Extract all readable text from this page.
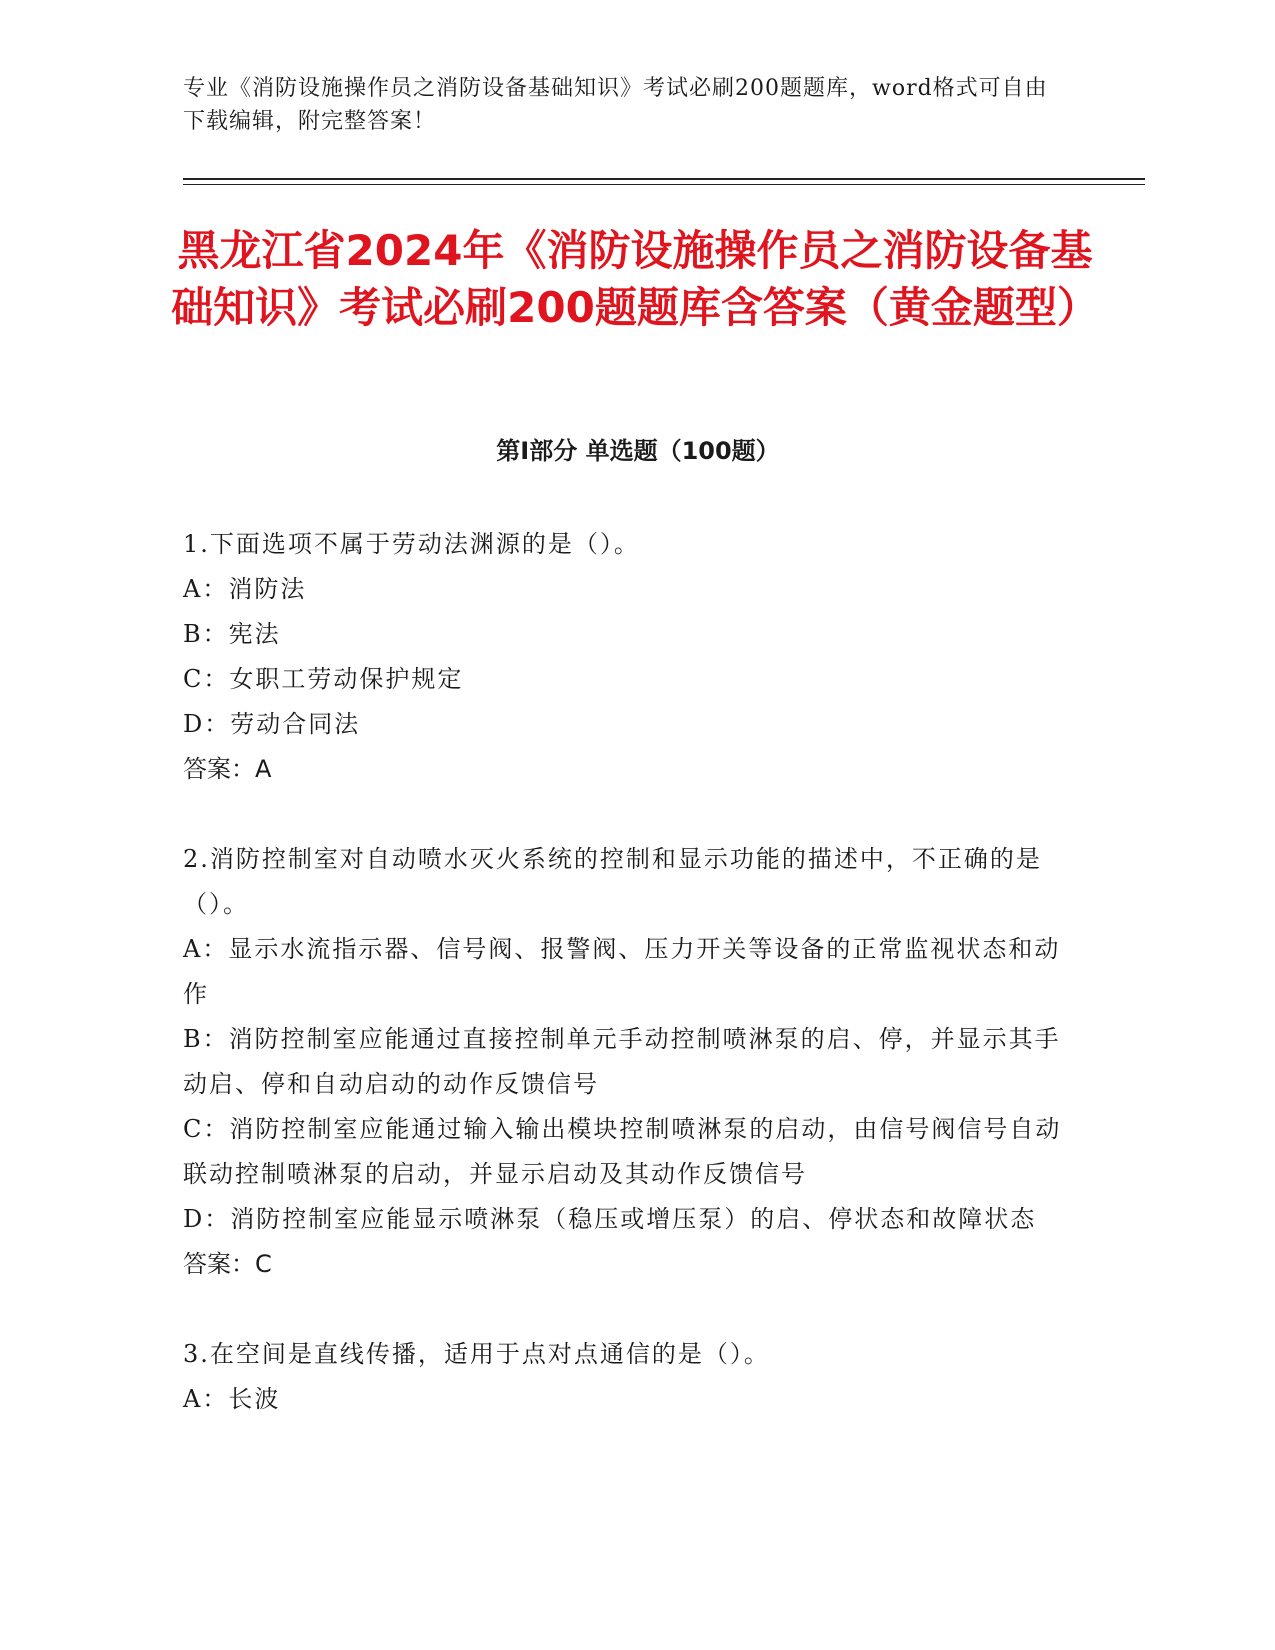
专业《消防设施操作员之消防设备基础知识》考试必刷200题题库，word格式可自由下载编辑，附完整答案！
黑龙江省2024年《消防设施操作员之消防设备基础知识》考试必刷200题题库含答案（黄金题型）
第I部分 单选题（100题）

1.下面选项不属于劳动法渊源的是（）。

A：消防法

B：宪法

C：女职工劳动保护规定

D：劳动合同法

答案：A

2.消防控制室对自动喷水灭火系统的控制和显示功能的描述中，不正确的是（）。

A：显示水流指示器、信号阀、报警阀、压力开关等设备的正常监视状态和动作

B：消防控制室应能通过直接控制单元手动控制喷淋泵的启、停，并显示其手动启、停和自动启动的动作反馈信号

C：消防控制室应能通过输入输出模块控制喷淋泵的启动，由信号阀信号自动联动控制喷淋泵的启动，并显示启动及其动作反馈信号

D：消防控制室应能显示喷淋泵（稳压或增压泵）的启、停状态和故障状态

答案：C

3.在空间是直线传播，适用于点对点通信的是（）。

A：长波
